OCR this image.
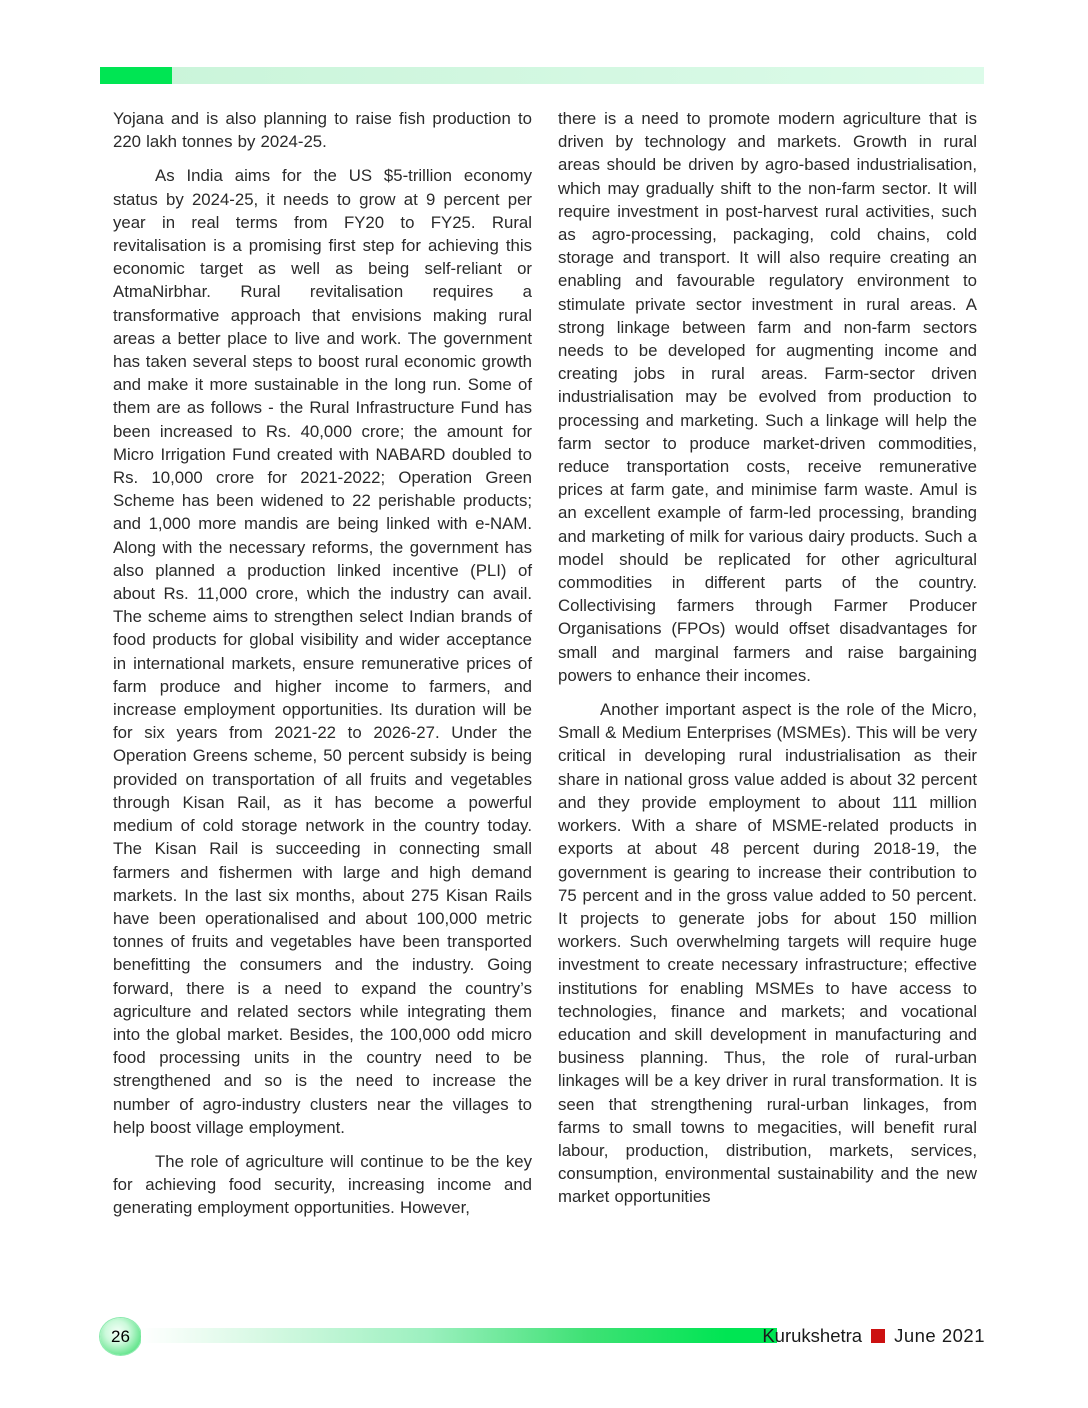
Yojana and is also planning to raise fish production to 220 lakh tonnes by 2024-25.

As India aims for the US $5-trillion economy status by 2024-25, it needs to grow at 9 percent per year in real terms from FY20 to FY25. Rural revitalisation is a promising first step for achieving this economic target as well as being self-reliant or AtmaNirbhar. Rural revitalisation requires a transformative approach that envisions making rural areas a better place to live and work. The government has taken several steps to boost rural economic growth and make it more sustainable in the long run. Some of them are as follows - the Rural Infrastructure Fund has been increased to Rs. 40,000 crore; the amount for Micro Irrigation Fund created with NABARD doubled to Rs. 10,000 crore for 2021-2022; Operation Green Scheme has been widened to 22 perishable products; and 1,000 more mandis are being linked with e-NAM. Along with the necessary reforms, the government has also planned a production linked incentive (PLI) of about Rs. 11,000 crore, which the industry can avail. The scheme aims to strengthen select Indian brands of food products for global visibility and wider acceptance in international markets, ensure remunerative prices of farm produce and higher income to farmers, and increase employment opportunities. Its duration will be for six years from 2021-22 to 2026-27. Under the Operation Greens scheme, 50 percent subsidy is being provided on transportation of all fruits and vegetables through Kisan Rail, as it has become a powerful medium of cold storage network in the country today. The Kisan Rail is succeeding in connecting small farmers and fishermen with large and high demand markets. In the last six months, about 275 Kisan Rails have been operationalised and about 100,000 metric tonnes of fruits and vegetables have been transported benefitting the consumers and the industry. Going forward, there is a need to expand the country’s agriculture and related sectors while integrating them into the global market. Besides, the 100,000 odd micro food processing units in the country need to be strengthened and so is the need to increase the number of agro-industry clusters near the villages to help boost village employment.

The role of agriculture will continue to be the key for achieving food security, increasing income and generating employment opportunities. However,

there is a need to promote modern agriculture that is driven by technology and markets. Growth in rural areas should be driven by agro-based industrialisation, which may gradually shift to the non-farm sector. It will require investment in post-harvest rural activities, such as agro-processing, packaging, cold chains, cold storage and transport. It will also require creating an enabling and favourable regulatory environment to stimulate private sector investment in rural areas. A strong linkage between farm and non-farm sectors needs to be developed for augmenting income and creating jobs in rural areas. Farm-sector driven industrialisation may be evolved from production to processing and marketing. Such a linkage will help the farm sector to produce market-driven commodities, reduce transportation costs, receive remunerative prices at farm gate, and minimise farm waste. Amul is an excellent example of farm-led processing, branding and marketing of milk for various dairy products. Such a model should be replicated for other agricultural commodities in different parts of the country. Collectivising farmers through Farmer Producer Organisations (FPOs) would offset disadvantages for small and marginal farmers and raise bargaining powers to enhance their incomes.

Another important aspect is the role of the Micro, Small & Medium Enterprises (MSMEs). This will be very critical in developing rural industrialisation as their share in national gross value added is about 32 percent and they provide employment to about 111 million workers. With a share of MSME-related products in exports at about 48 percent during 2018-19, the government is gearing to increase their contribution to 75 percent and in the gross value added to 50 percent. It projects to generate jobs for about 150 million workers. Such overwhelming targets will require huge investment to create necessary infrastructure; effective institutions for enabling MSMEs to have access to technologies, finance and markets; and vocational education and skill development in manufacturing and business planning. Thus, the role of rural-urban linkages will be a key driver in rural transformation. It is seen that strengthening rural-urban linkages, from farms to small towns to megacities, will benefit rural labour, production, distribution, markets, services, consumption, environmental sustainability and the new market opportunities

26	Kurukshetra June 2021
